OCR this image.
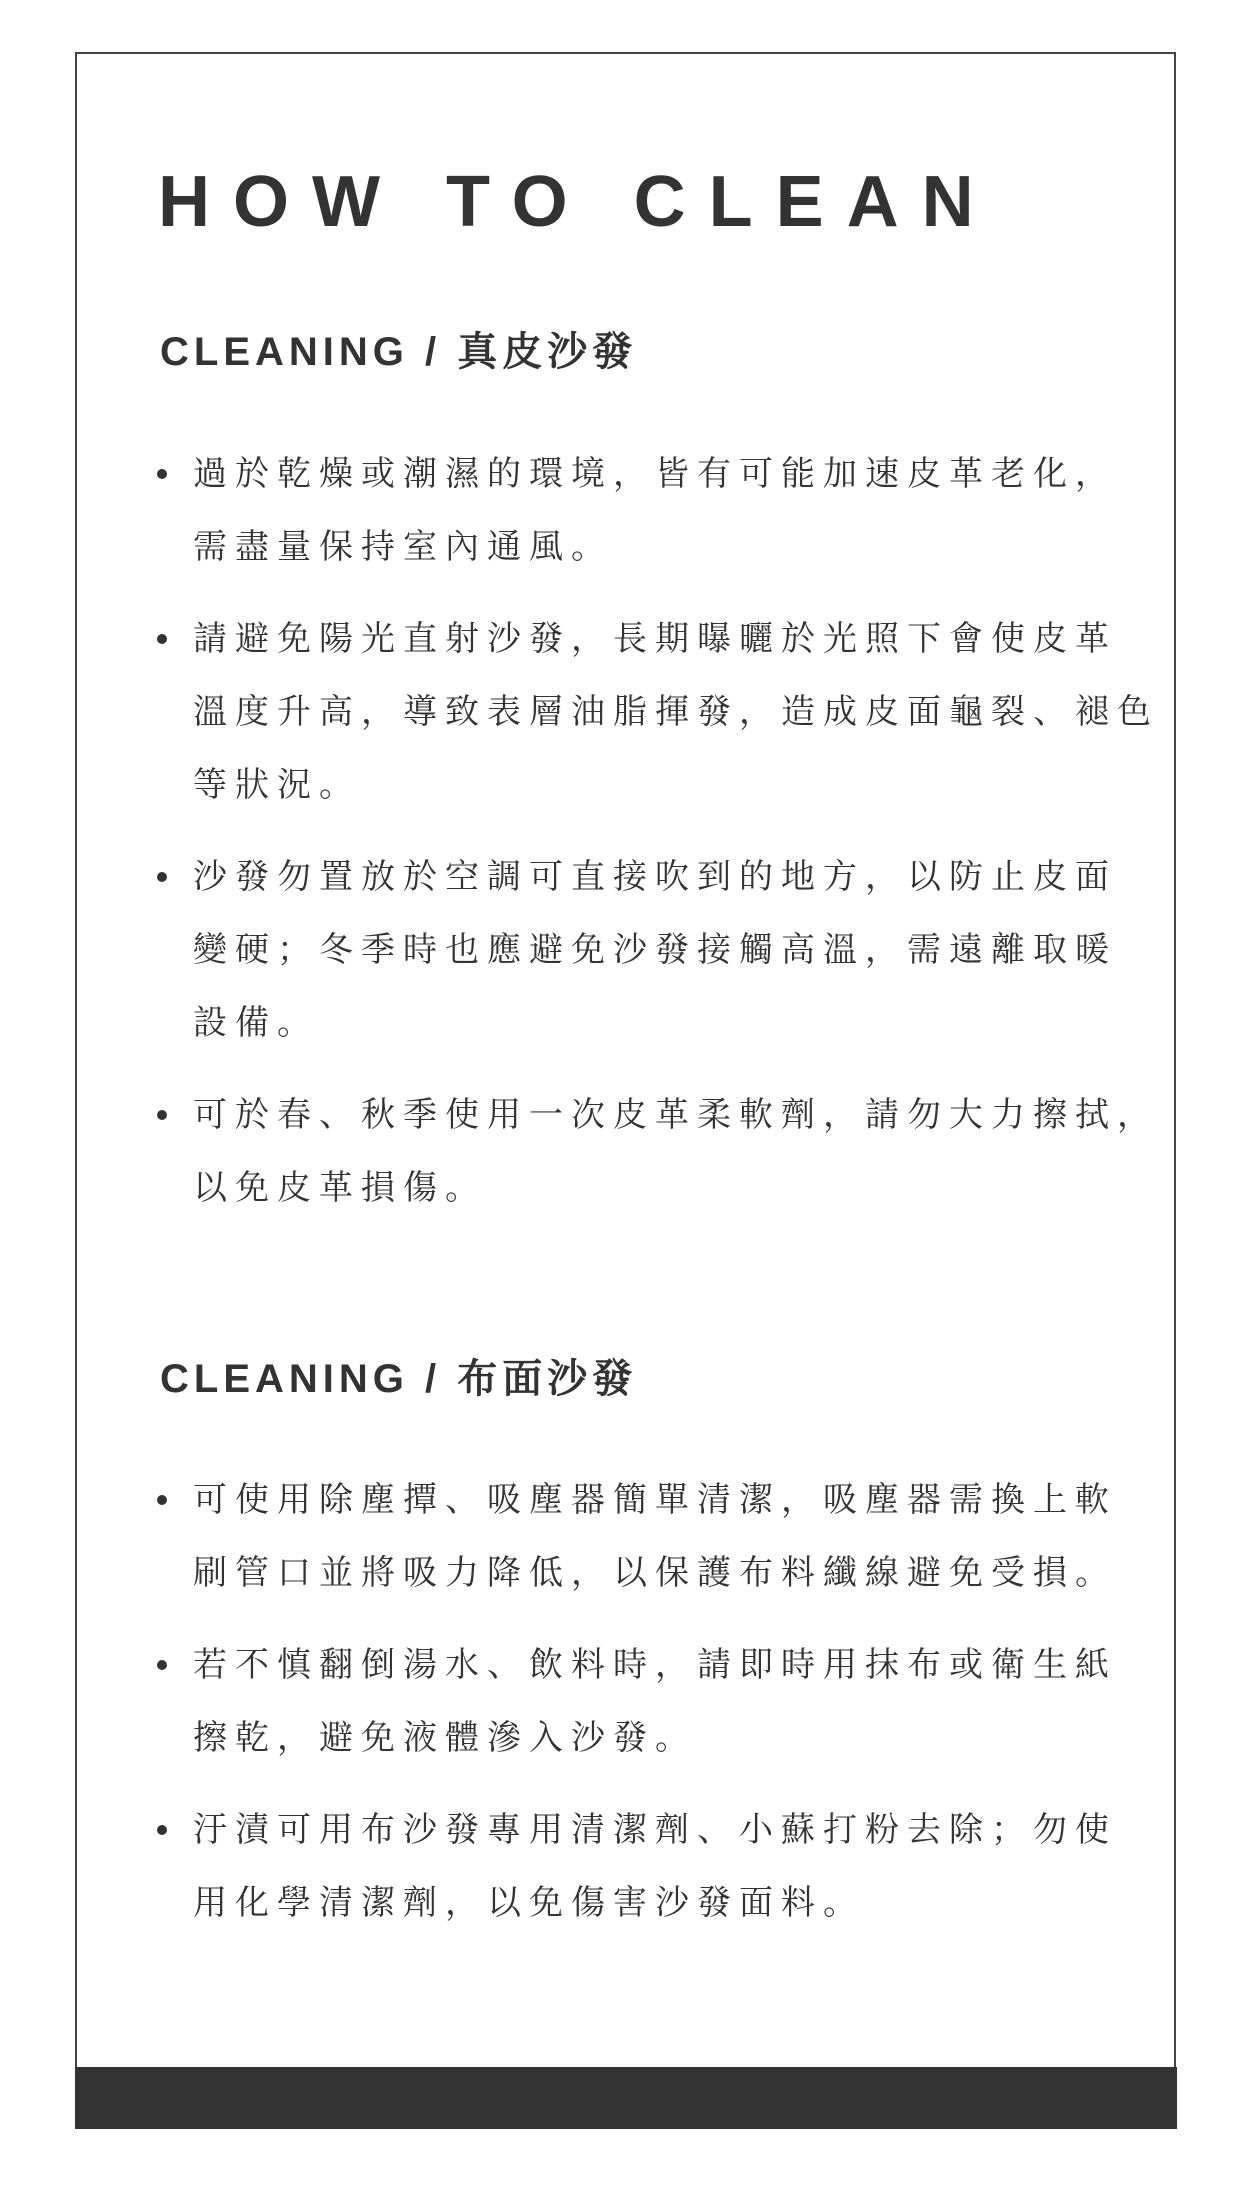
HOW TO CLEAN
CLEANING / 真皮沙發
過於乾燥或潮濕的環境，皆有可能加速皮革老化，
需盡量保持室內通風。
請避免陽光直射沙發，長期曝曬於光照下會使皮革
溫度升高，導致表層油脂揮發，造成皮面龜裂、褪色
等狀況。
沙發勿置放於空調可直接吹到的地方，以防止皮面
變硬；冬季時也應避免沙發接觸高溫，需遠離取暖
設備。
可於春、秋季使用一次皮革柔軟劑，請勿大力擦拭，
以免皮革損傷。
CLEANING / 布面沙發
可使用除塵撢、吸塵器簡單清潔，吸塵器需換上軟
刷管口並將吸力降低，以保護布料纖線避免受損。
若不慎翻倒湯水、飲料時，請即時用抹布或衛生紙
擦乾，避免液體滲入沙發。
汙漬可用布沙發專用清潔劑、小蘇打粉去除；勿使
用化學清潔劑，以免傷害沙發面料。
